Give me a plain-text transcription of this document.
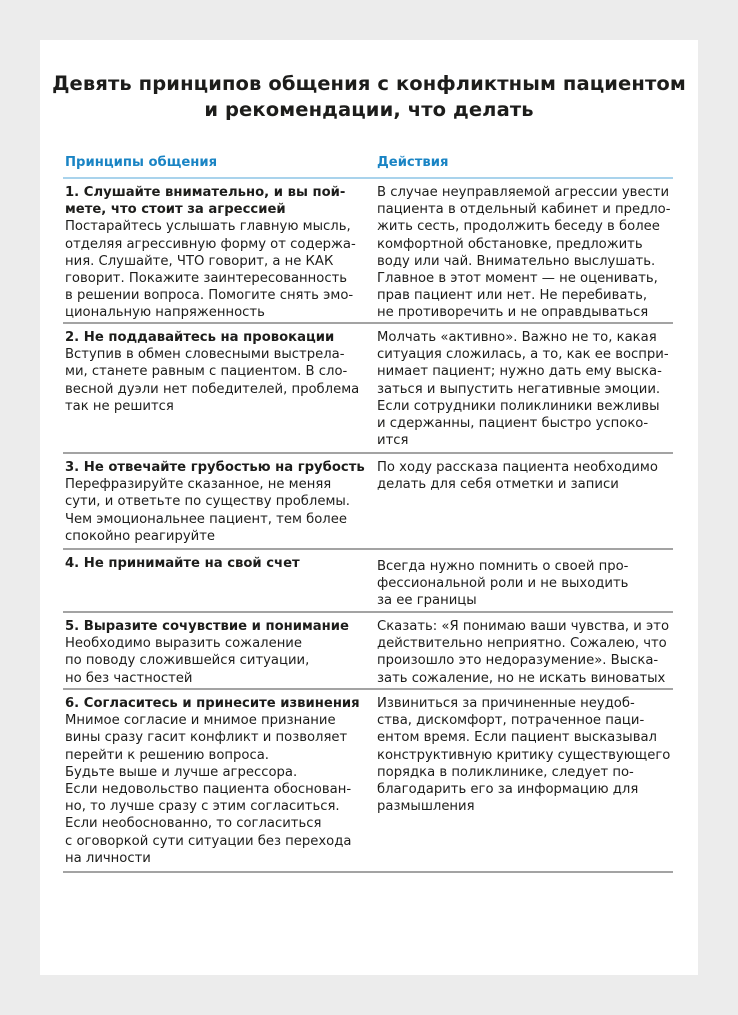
Девять принципов общения с конфликтным пациентом
и рекомендации, что делать
Принципы общения	Действия
1. Слушайте внимательно, и вы пой-
мете, что стоит за агрессией
Постарайтесь услышать главную мысль,
отделяя агрессивную форму от содержа-
ния. Слушайте, ЧТО говорит, а не КАК
говорит. Покажите заинтересованность
в решении вопроса. Помогите снять эмо-
циональную напряженность
В случае неуправляемой агрессии увести
пациента в отдельный кабинет и предло-
жить сесть, продолжить беседу в более
комфортной обстановке, предложить
воду или чай. Внимательно выслушать.
Главное в этот момент — не оценивать,
прав пациент или нет. Не перебивать,
не противоречить и не оправдываться
2. Не поддавайтесь на провокации
Вступив в обмен словесными выстрела-
ми, станете равным с пациентом. В сло-
весной дуэли нет победителей, проблема
так не решится
Молчать «активно». Важно не то, какая
ситуация сложилась, а то, как ее воспри-
нимает пациент; нужно дать ему выска-
заться и выпустить негативные эмоции.
Если сотрудники поликлиники вежливы
и сдержанны, пациент быстро успоко-
ится
3. Не отвечайте грубостью на грубость
Перефразируйте сказанное, не меняя
сути, и ответьте по существу проблемы.
Чем эмоциональнее пациент, тем более
спокойно реагируйте
По ходу рассказа пациента необходимо
делать для себя отметки и записи
4. Не принимайте на свой счет	Всегда нужно помнить о своей про-
фессиональной роли и не выходить
за ее границы
5. Выразите сочувствие и понимание
Необходимо выразить сожаление
по поводу сложившейся ситуации,
но без частностей
Сказать: «Я понимаю ваши чувства, и это
действительно неприятно. Сожалею, что
произошло это недоразумение». Выска-
зать сожаление, но не искать виноватых
6. Согласитесь и принесите извинения
Мнимое согласие и мнимое признание
вины сразу гасит конфликт и позволяет
перейти к решению вопроса.
Будьте выше и лучше агрессора.
Если недовольство пациента обоснован-
но, то лучше сразу с этим согласиться.
Если необоснованно, то согласиться
с оговоркой сути ситуации без перехода
на личности
Извиниться за причиненные неудоб-
ства, дискомфорт, потраченное паци-
ентом время. Если пациент высказывал
конструктивную критику существующего
порядка в поликлинике, следует по-
благодарить его за информацию для
размышления
